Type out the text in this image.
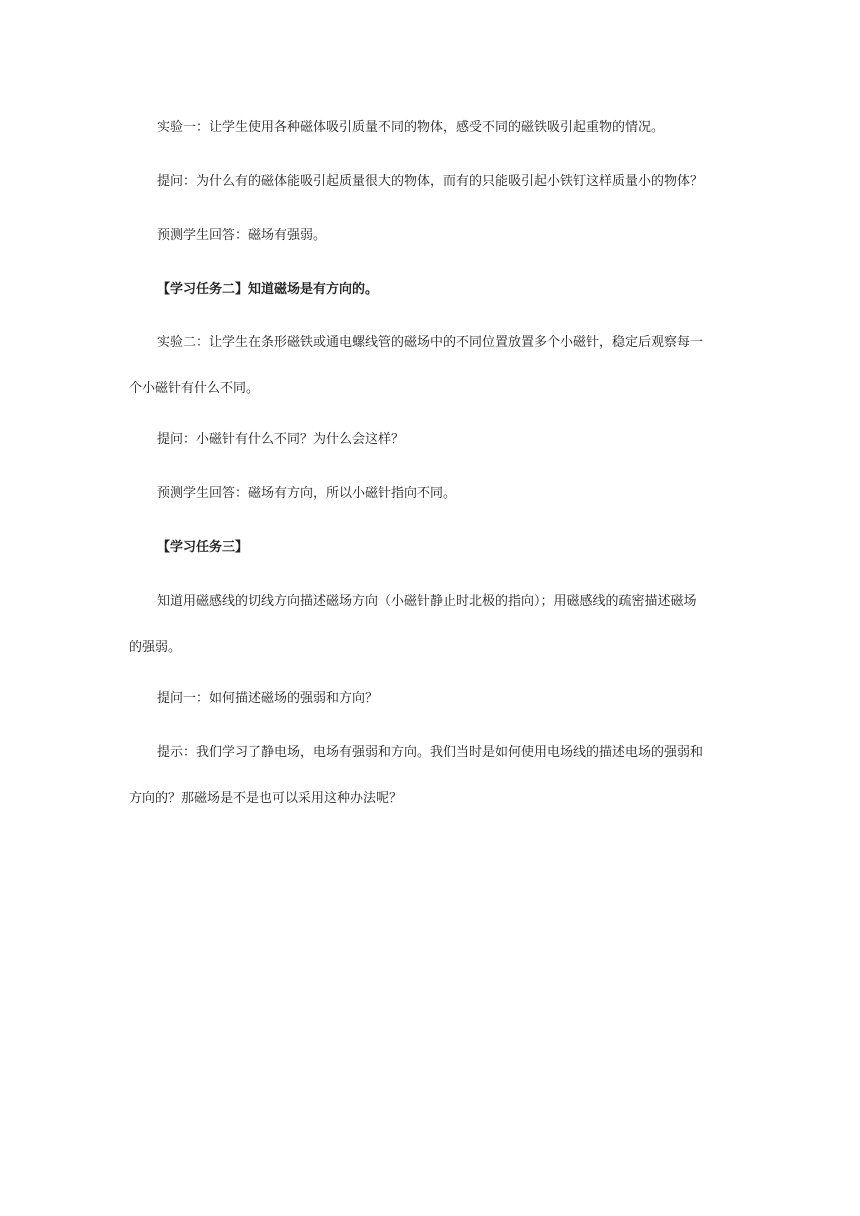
实验一：让学生使用各种磁体吸引质量不同的物体，感受不同的磁铁吸引起重物的情况。

提问：为什么有的磁体能吸引起质量很大的物体，而有的只能吸引起小铁钉这样质量小的物体？

预测学生回答：磁场有强弱。

【学习任务二】知道磁场是有方向的。

实验二：让学生在条形磁铁或通电螺线管的磁场中的不同位置放置多个小磁针，稳定后观察每一
个小磁针有什么不同。

提问：小磁针有什么不同？为什么会这样？

预测学生回答：磁场有方向，所以小磁针指向不同。

【学习任务三】

知道用磁感线的切线方向描述磁场方向（小磁针静止时北极的指向）；用磁感线的疏密描述磁场
的强弱。

提问一：如何描述磁场的强弱和方向？

提示：我们学习了静电场，电场有强弱和方向。我们当时是如何使用电场线的描述电场的强弱和
方向的？那磁场是不是也可以采用这种办法呢？
